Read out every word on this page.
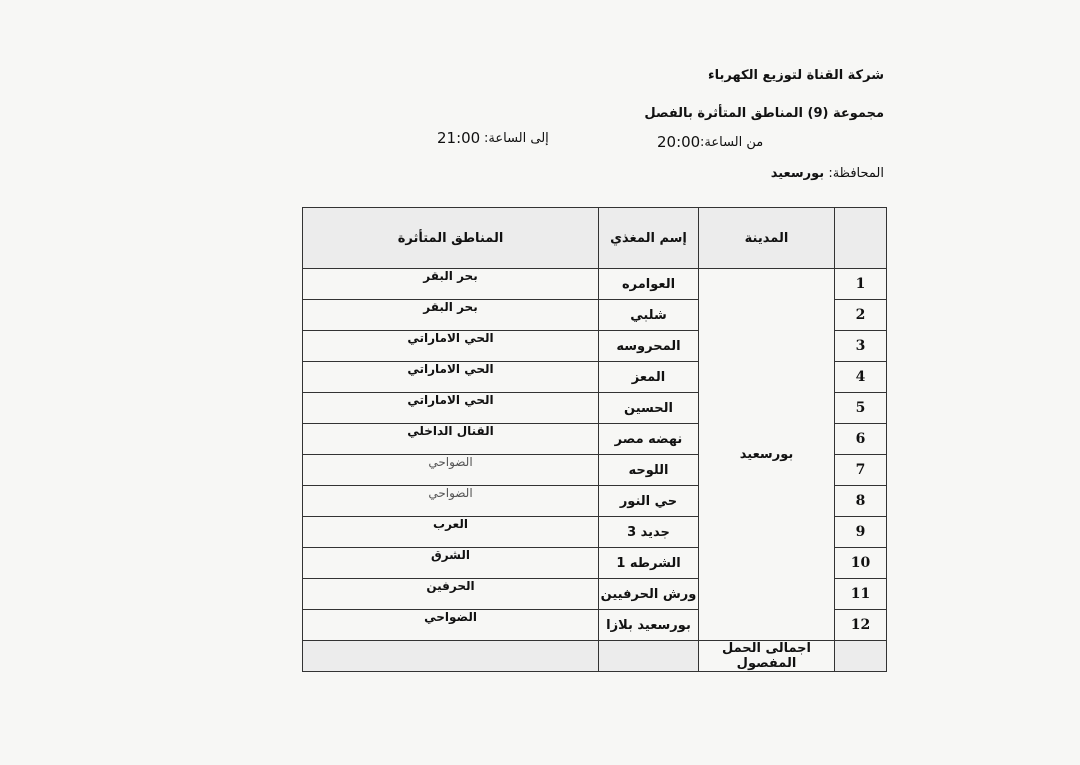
شركة القناة لتوزيع الكهرباء
مجموعة (9) المناطق المتأثرة بالفصل
من الساعة:
20:00
إلى الساعة:
21:00
المحافظة: بورسعيد
	المدينة	إسم المغذي	المناطق المتأثرة
1	بورسعيد	العوامره	بحر البقر
2		شلبي	بحر البقر
3		المحروسه	الحي الاماراتي
4		المعز	الحي الاماراتي
5		الحسين	الحي الاماراتي
6		نهضه مصر	القنال الداخلي
7		اللوحه	الضواحي
8		حي النور	الضواحي
9		جديد 3	العرب
10		الشرطه 1	الشرق
11		ورش الحرفيين	الحرفين
12		بورسعيد بلازا	الضواحي
	اجمالى الحمل المفصول		
